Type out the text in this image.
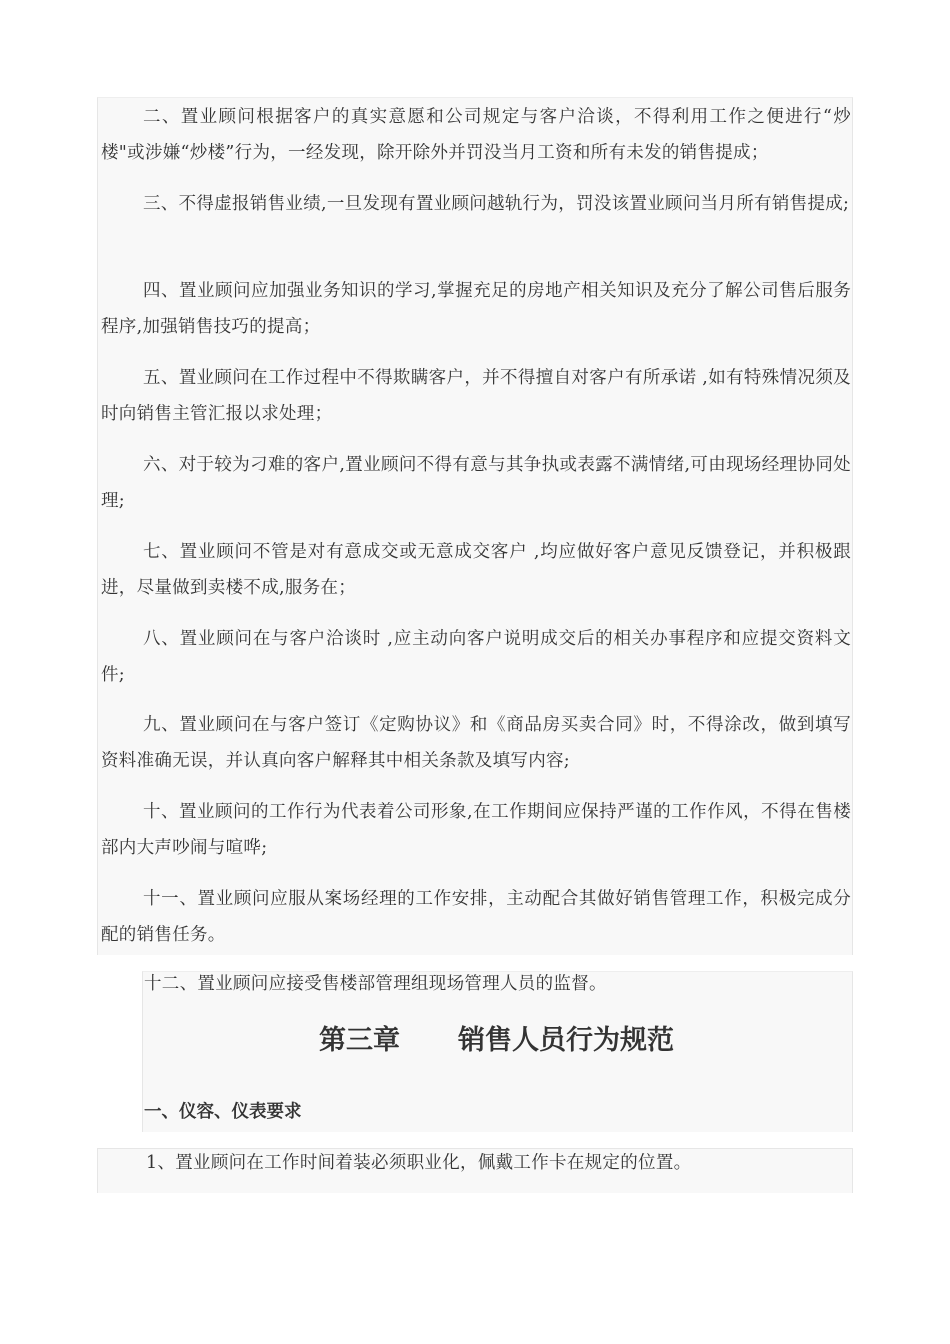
二、置业顾问根据客户的真实意愿和公司规定与客户洽谈，不得利用工作之便进行“炒楼"或涉嫌“炒楼”行为，一经发现，除开除外并罚没当月工资和所有未发的销售提成；

三、不得虚报销售业绩,一旦发现有置业顾问越轨行为，罚没该置业顾问当月所有销售提成;

四、置业顾问应加强业务知识的学习,掌握充足的房地产相关知识及充分了解公司售后服务程序,加强销售技巧的提高；

五、置业顾问在工作过程中不得欺瞒客户，并不得擅自对客户有所承诺 ,如有特殊情况须及时向销售主管汇报以求处理；

六、对于较为刁难的客户,置业顾问不得有意与其争执或表露不满情绪,可由现场经理协同处理;

七、置业顾问不管是对有意成交或无意成交客户 ,均应做好客户意见反馈登记，并积极跟进，尽量做到卖楼不成,服务在；

八、置业顾问在与客户洽谈时 ,应主动向客户说明成交后的相关办事程序和应提交资料文件;

九、置业顾问在与客户签订《定购协议》和《商品房买卖合同》时，不得涂改，做到填写资料准确无误，并认真向客户解释其中相关条款及填写内容;

十、置业顾问的工作行为代表着公司形象,在工作期间应保持严谨的工作作风，不得在售楼部内大声吵闹与喧哗;

十一、置业顾问应服从案场经理的工作安排，主动配合其做好销售管理工作，积极完成分配的销售任务。

十二、置业顾问应接受售楼部管理组现场管理人员的监督。

第三章 销售人员行为规范
一、仪容、仪表要求

1、置业顾问在工作时间着装必须职业化，佩戴工作卡在规定的位置。
